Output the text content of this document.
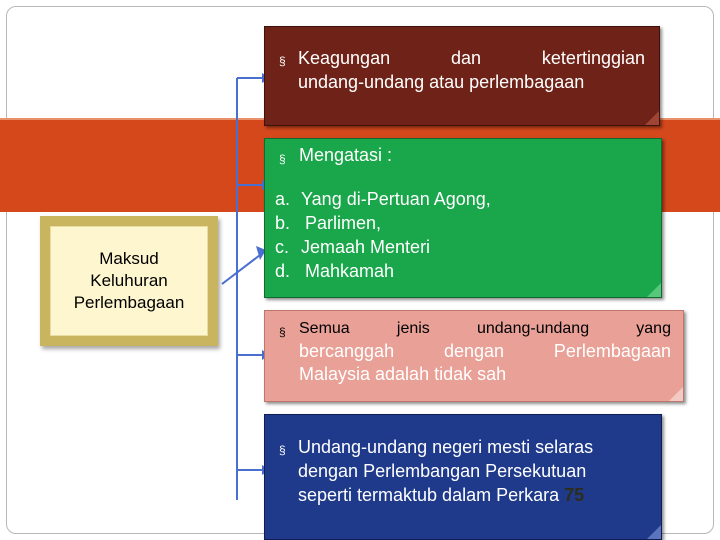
Maksud
Keluhuran
Perlembagaan
§ Keagungan	dan	ketertinggian
undang-undang atau perlembagaan
§ Mengatasi :
a. Yang di-Pertuan Agong,
b. Parlimen,
c. Jemaah Menteri
d. Mahkamah
§ Semua	jenis	undang-undang	yang
bercanggah	dengan	Perlembagaan
Malaysia adalah tidak sah
§ Undang-undang negeri mesti selaras
dengan Perlembangan Persekutuan
seperti termaktub dalam Perkara 75
